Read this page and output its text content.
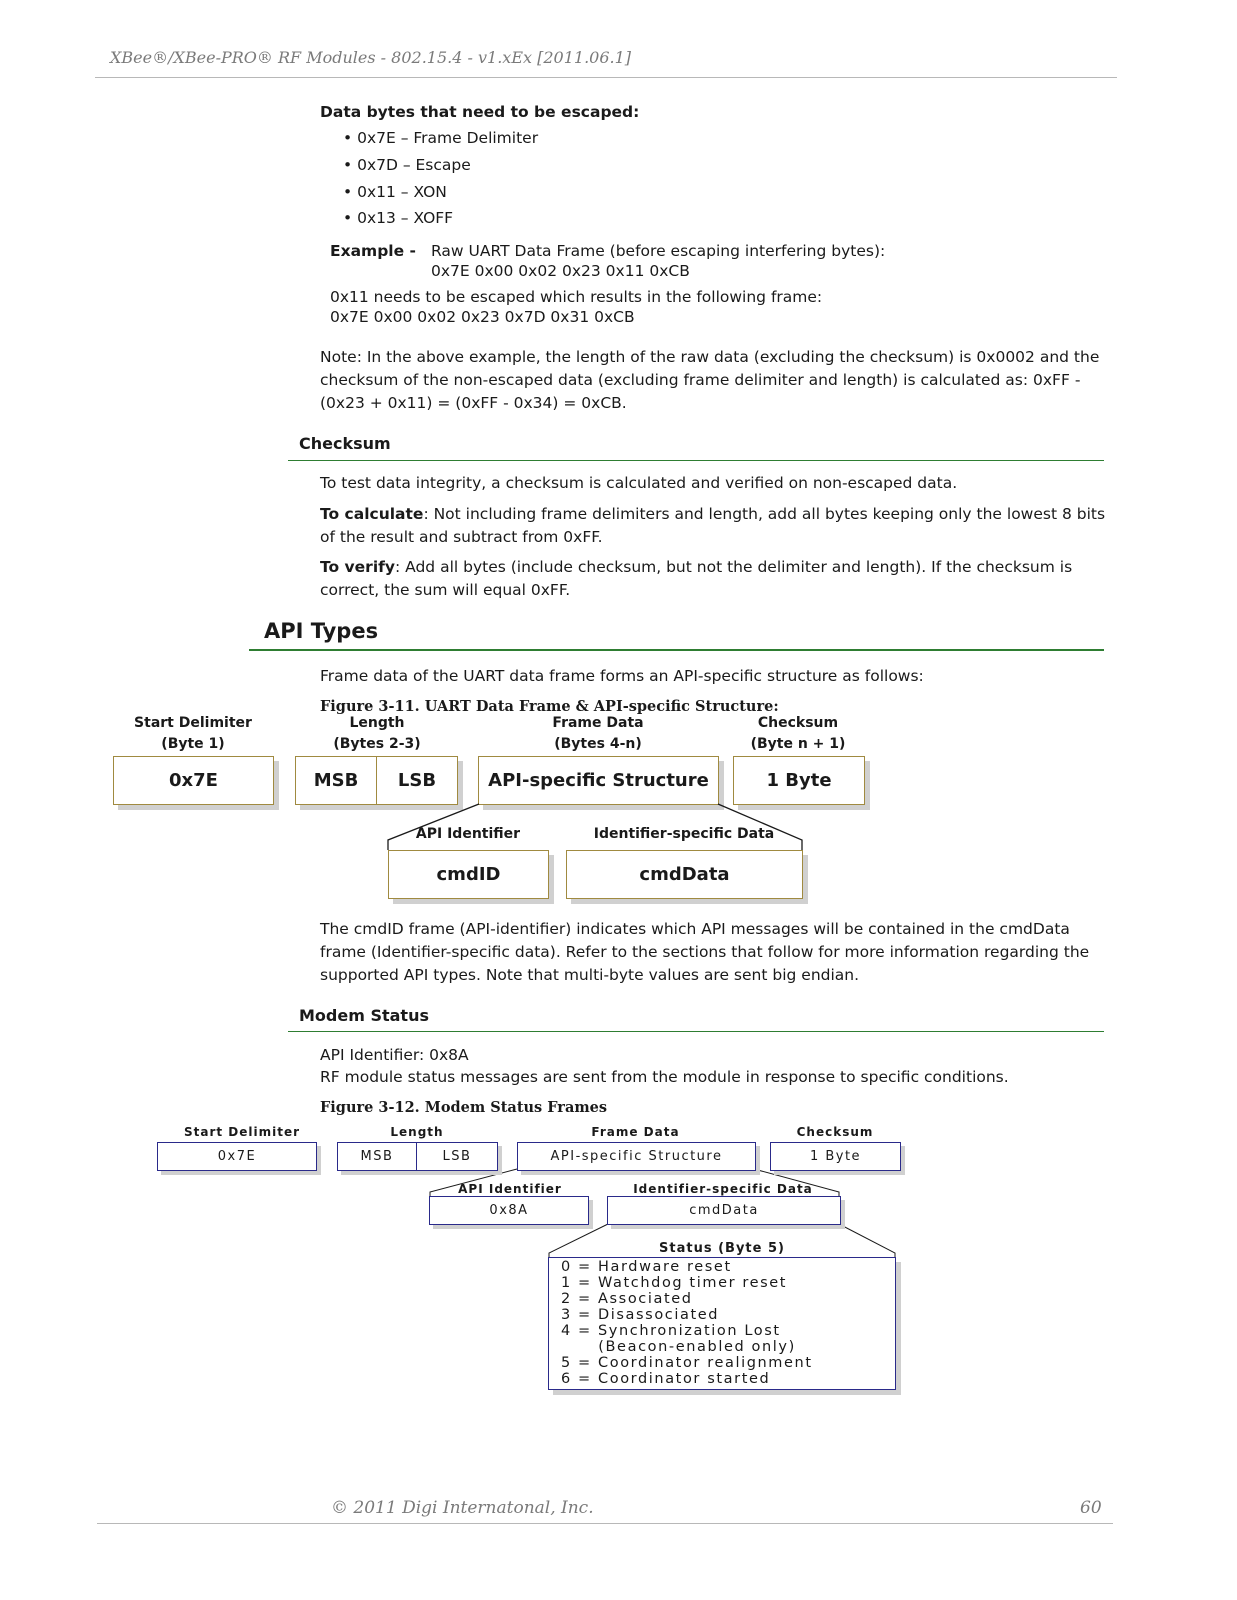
XBee®/XBee-PRO® RF Modules - 802.15.4 - v1.xEx [2011.06.1]
Data bytes that need to be escaped:
• 0x7E – Frame Delimiter
• 0x7D – Escape
• 0x11 – XON
• 0x13 – XOFF
Example - Raw UART Data Frame (before escaping interfering bytes):
0x7E 0x00 0x02 0x23 0x11 0xCB
0x11 needs to be escaped which results in the following frame:
0x7E 0x00 0x02 0x23 0x7D 0x31 0xCB
Note: In the above example, the length of the raw data (excluding the checksum) is 0x0002 and the checksum of the non-escaped data (excluding frame delimiter and length) is calculated as: 0xFF - (0x23 + 0x11) = (0xFF - 0x34) = 0xCB.
Checksum
To test data integrity, a checksum is calculated and verified on non-escaped data.
To calculate: Not including frame delimiters and length, add all bytes keeping only the lowest 8 bits of the result and subtract from 0xFF.
To verify: Add all bytes (include checksum, but not the delimiter and length). If the checksum is correct, the sum will equal 0xFF.
API Types
Frame data of the UART data frame forms an API-specific structure as follows:
Figure 3-11. UART Data Frame & API-specific Structure:
Start Delimiter
(Byte 1)
Length
(Bytes 2-3)
Frame Data
(Bytes 4-n)
Checksum
(Byte n + 1)
0x7E	MSB	LSB	API-specific Structure	1 Byte
API Identifier	Identifier-specific Data
cmdID	cmdData
The cmdID frame (API-identifier) indicates which API messages will be contained in the cmdData frame (Identifier-specific data). Refer to the sections that follow for more information regarding the supported API types. Note that multi-byte values are sent big endian.
Modem Status
API Identifier: 0x8A
RF module status messages are sent from the module in response to specific conditions.
Figure 3-12. Modem Status Frames
Start Delimiter	Length	Frame Data	Checksum
0x7E	MSB	LSB	API-specific Structure	1 Byte
API Identifier	Identifier-specific Data
0x8A	cmdData
Status (Byte 5)
0 = Hardware reset
1 = Watchdog timer reset
2 = Associated
3 = Disassociated
4 = Synchronization Lost
(Beacon-enabled only)
5 = Coordinator realignment
6 = Coordinator started
© 2011 Digi Internatonal, Inc.	60
